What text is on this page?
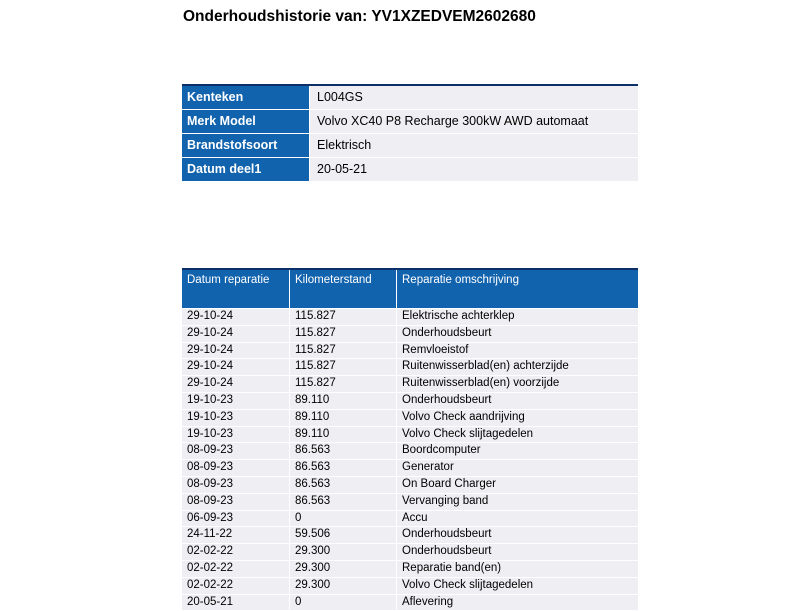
Onderhoudshistorie van: YV1XZEDVEM2602680
Kenteken	L004GS
Merk Model	Volvo XC40 P8 Recharge 300kW AWD automaat
Brandstofsoort	Elektrisch
Datum deel1	20-05-21
Datum reparatie	Kilometerstand	Reparatie omschrijving
29-10-24	115.827	Elektrische achterklep
29-10-24	115.827	Onderhoudsbeurt
29-10-24	115.827	Remvloeistof
29-10-24	115.827	Ruitenwisserblad(en) achterzijde
29-10-24	115.827	Ruitenwisserblad(en) voorzijde
19-10-23	89.110	Onderhoudsbeurt
19-10-23	89.110	Volvo Check aandrijving
19-10-23	89.110	Volvo Check slijtagedelen
08-09-23	86.563	Boordcomputer
08-09-23	86.563	Generator
08-09-23	86.563	On Board Charger
08-09-23	86.563	Vervanging band
06-09-23	0	Accu
24-11-22	59.506	Onderhoudsbeurt
02-02-22	29.300	Onderhoudsbeurt
02-02-22	29.300	Reparatie band(en)
02-02-22	29.300	Volvo Check slijtagedelen
20-05-21	0	Aflevering
